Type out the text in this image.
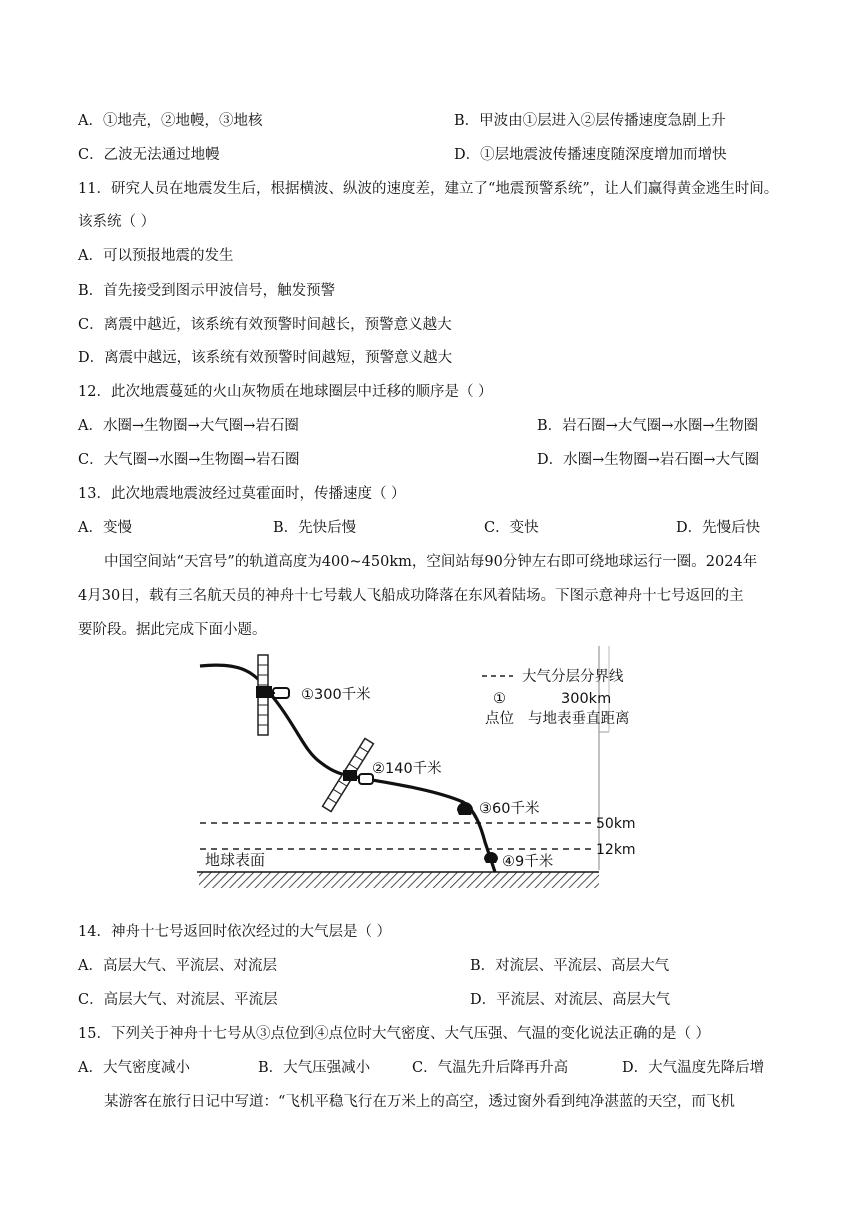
A．①地壳，②地幔，③地核	B．甲波由①层进入②层传播速度急剧上升
C．乙波无法通过地幔	D．①层地震波传播速度随深度增加而增快
11．研究人员在地震发生后，根据横波、纵波的速度差，建立了“地震预警系统”，让人们赢得黄金逃生时间。
该系统（ ）
A．可以预报地震的发生
B．首先接受到图示甲波信号，触发预警
C．离震中越近，该系统有效预警时间越长，预警意义越大
D．离震中越远，该系统有效预警时间越短，预警意义越大
12．此次地震蔓延的火山灰物质在地球圈层中迁移的顺序是（ ）
A．水圈→生物圈→大气圈→岩石圈	B．岩石圈→大气圈→水圈→生物圈
C．大气圈→水圈→生物圈→岩石圈	D．水圈→生物圈→岩石圈→大气圈
13．此次地震地震波经过莫霍面时，传播速度（ ）
A．变慢	B．先快后慢	C．变快	D．先慢后快
中国空间站“天宫号”的轨道高度为400~450km，空间站每90分钟左右即可绕地球运行一圈。2024年
4月30日，载有三名航天员的神舟十七号载人飞船成功降落在东风着陆场。下图示意神舟十七号返回的主
要阶段。据此完成下面小题。
大气分层分界线
①	300km
点位 与地表垂直距离
50km
12km
地球表面
①300千米
②140千米
③60千米
④9千米
14．神舟十七号返回时依次经过的大气层是（ ）
A．高层大气、平流层、对流层	B．对流层、平流层、高层大气
C．高层大气、对流层、平流层	D．平流层、对流层、高层大气
15．下列关于神舟十七号从③点位到④点位时大气密度、大气压强、气温的变化说法正确的是（ ）
A．大气密度减小	B．大气压强减小	C．气温先升后降再升高	D．大气温度先降后增
某游客在旅行日记中写道：“飞机平稳飞行在万米上的高空，透过窗外看到纯净湛蓝的天空，而飞机
